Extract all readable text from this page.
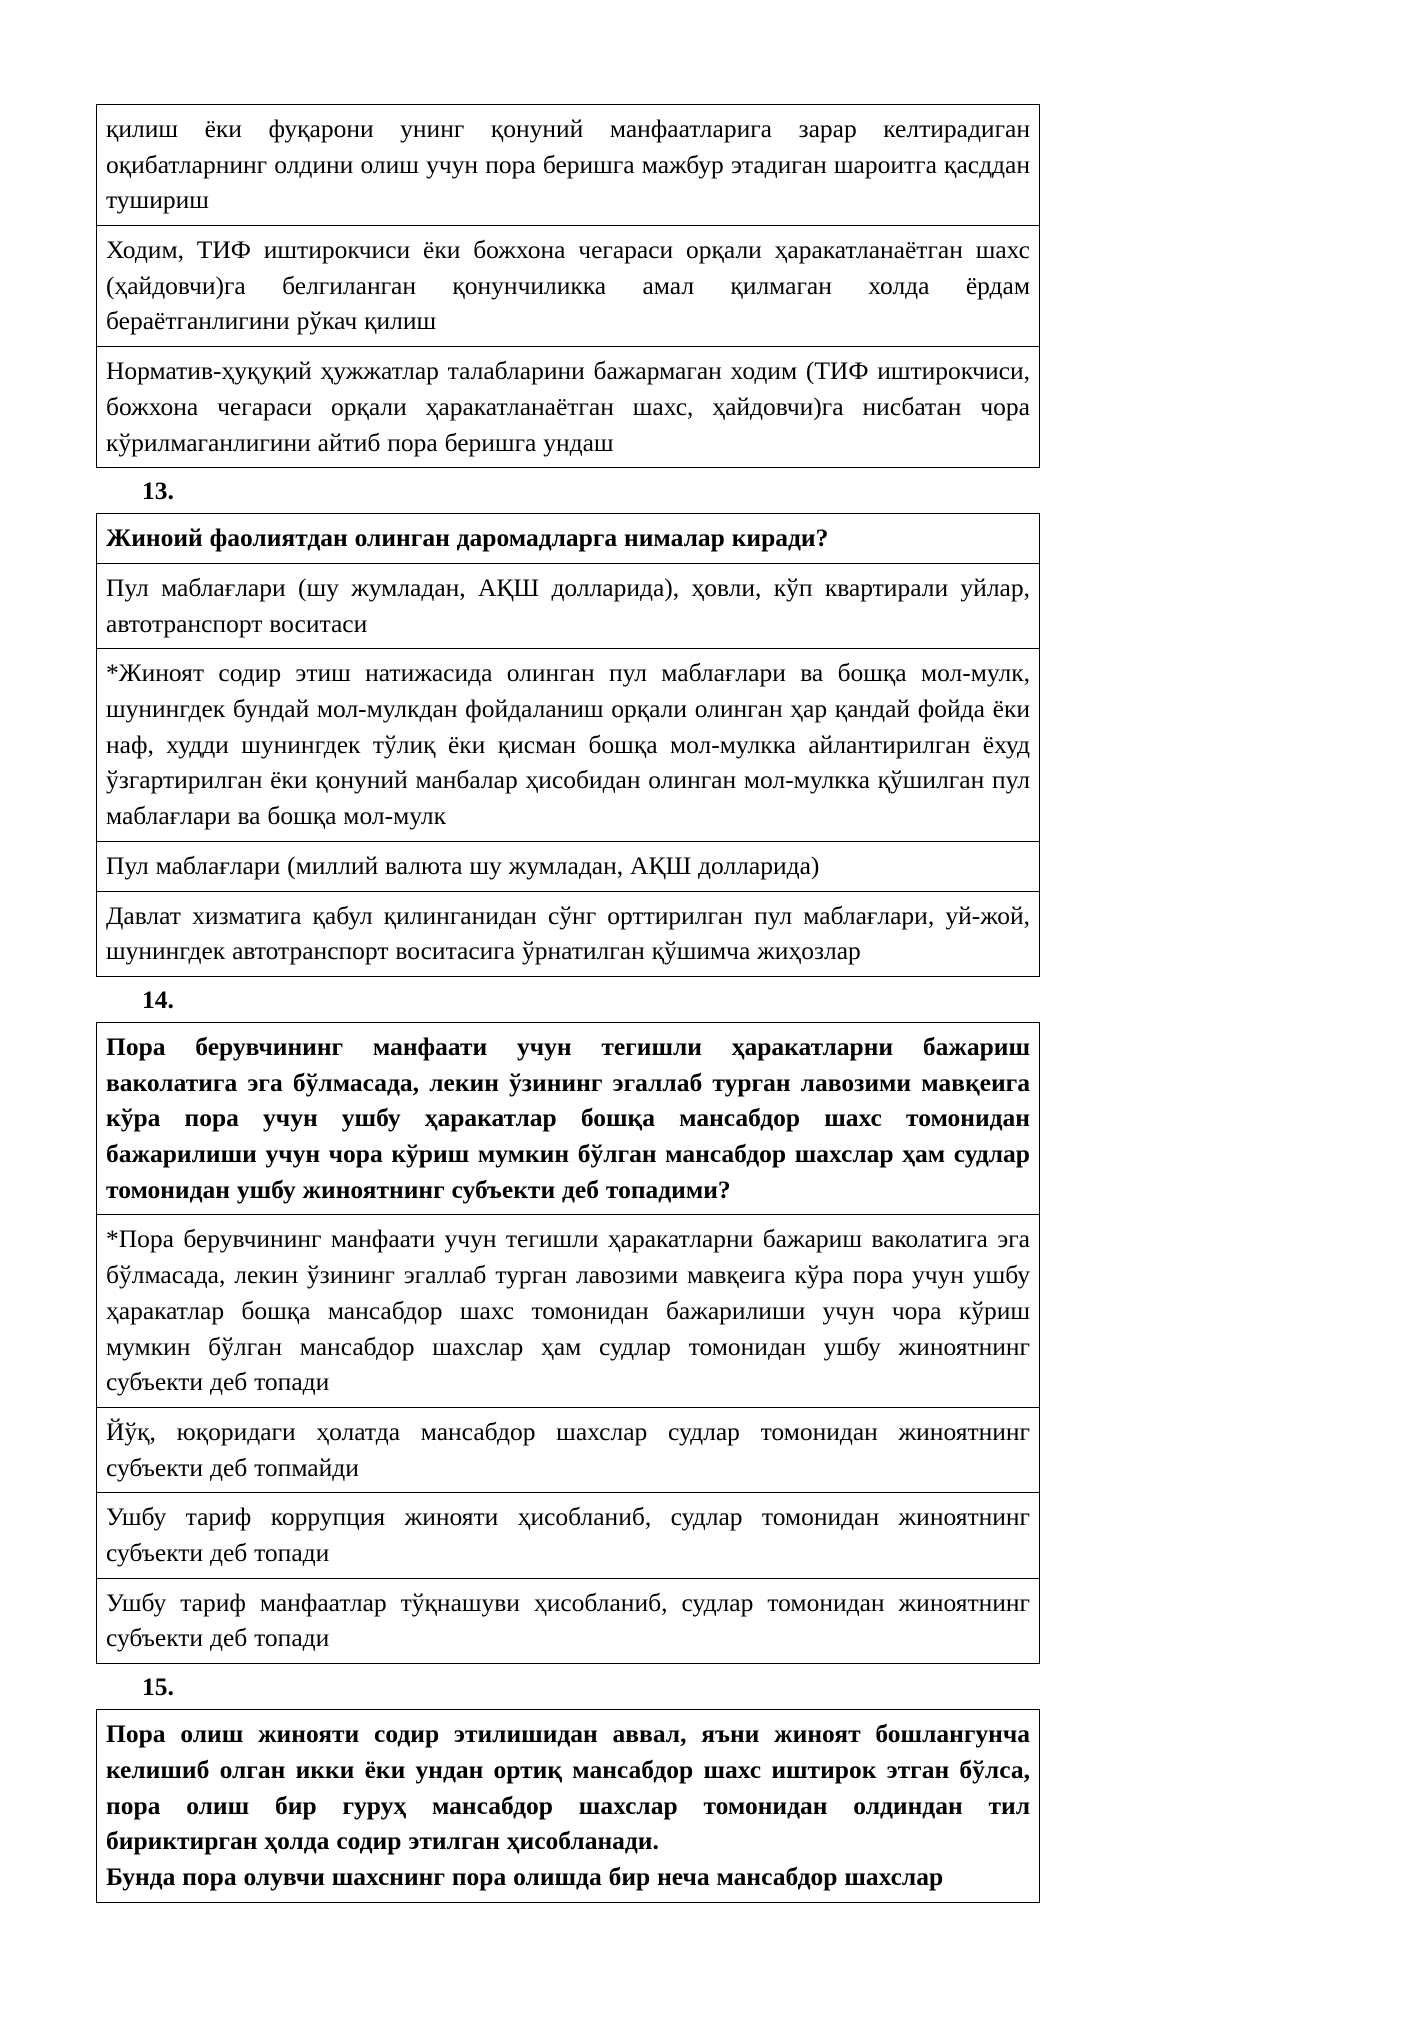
қилиш ёки фуқарони унинг қонуний манфаатларига зарар келтирадиган оқибатларнинг олдини олиш учун пора беришга мажбур этадиган шароитга қасддан тушириш
Ходим, ТИФ иштирокчиси ёки божхона чегараси орқали ҳаракатланаётган шахс (ҳайдовчи)га белгиланган қонунчиликка амал қилмаган холда ёрдам бераётганлигини рўкач қилиш
Норматив-ҳуқуқий ҳужжатлар талабларини бажармаган ходим (ТИФ иштирокчиси, божхона чегараси орқали ҳаракатланаётган шахс, ҳайдовчи)га нисбатан чора кўрилмаганлигини айтиб пора беришга ундаш
13.
Жиноий фаолиятдан олинган даромадларга нималар киради?
Пул маблағлари (шу жумладан, АҚШ долларида), ҳовли, кўп квартирали уйлар, автотранспорт воситаси
*Жиноят содир этиш натижасида олинган пул маблағлари ва бошқа мол-мулк, шунингдек бундай мол-мулкдан фойдаланиш орқали олинган ҳар қандай фойда ёки наф, худди шунингдек тўлиқ ёки қисман бошқа мол-мулкка айлантирилган ёхуд ўзгартирилган ёки қонуний манбалар ҳисобидан олинган мол-мулкка қўшилган пул маблағлари ва бошқа мол-мулк
Пул маблағлари (миллий валюта шу жумладан, АҚШ долларида)
Давлат хизматига қабул қилинганидан сўнг орттирилган пул маблағлари, уй-жой, шунингдек автотранспорт воситасига ўрнатилган қўшимча жиҳозлар
14.
Пора берувчининг манфаати учун тегишли ҳаракатларни бажариш ваколатига эга бўлмасада, лекин ўзининг эгаллаб турган лавозими мавқеига кўра пора учун ушбу ҳаракатлар бошқа мансабдор шахс томонидан бажарилиши учун чора кўриш мумкин бўлган мансабдор шахслар ҳам судлар томонидан ушбу жиноятнинг субъекти деб топадими?
*Пора берувчининг манфаати учун тегишли ҳаракатларни бажариш ваколатига эга бўлмасада, лекин ўзининг эгаллаб турган лавозими мавқеига кўра пора учун ушбу ҳаракатлар бошқа мансабдор шахс томонидан бажарилиши учун чора кўриш мумкин бўлган мансабдор шахслар ҳам судлар томонидан ушбу жиноятнинг субъекти деб топади
Йўқ, юқоридаги ҳолатда мансабдор шахслар судлар томонидан жиноятнинг субъекти деб топмайди
Ушбу тариф коррупция жинояти ҳисобланиб, судлар томонидан жиноятнинг субъекти деб топади
Ушбу тариф манфаатлар тўқнашуви ҳисобланиб, судлар томонидан жиноятнинг субъекти деб топади
15.

Пора олиш жинояти содир этилишидан аввал, яъни жиноят бошлангунча келишиб олган икки ёки ундан ортиқ мансабдор шахс иштирок этган бўлса, пора олиш бир гуруҳ мансабдор шахслар томонидан олдиндан тил бириктирган ҳолда содир этилган ҳисобланади.

Бунда пора олувчи шахснинг пора олишда бир неча мансабдор шахслар
